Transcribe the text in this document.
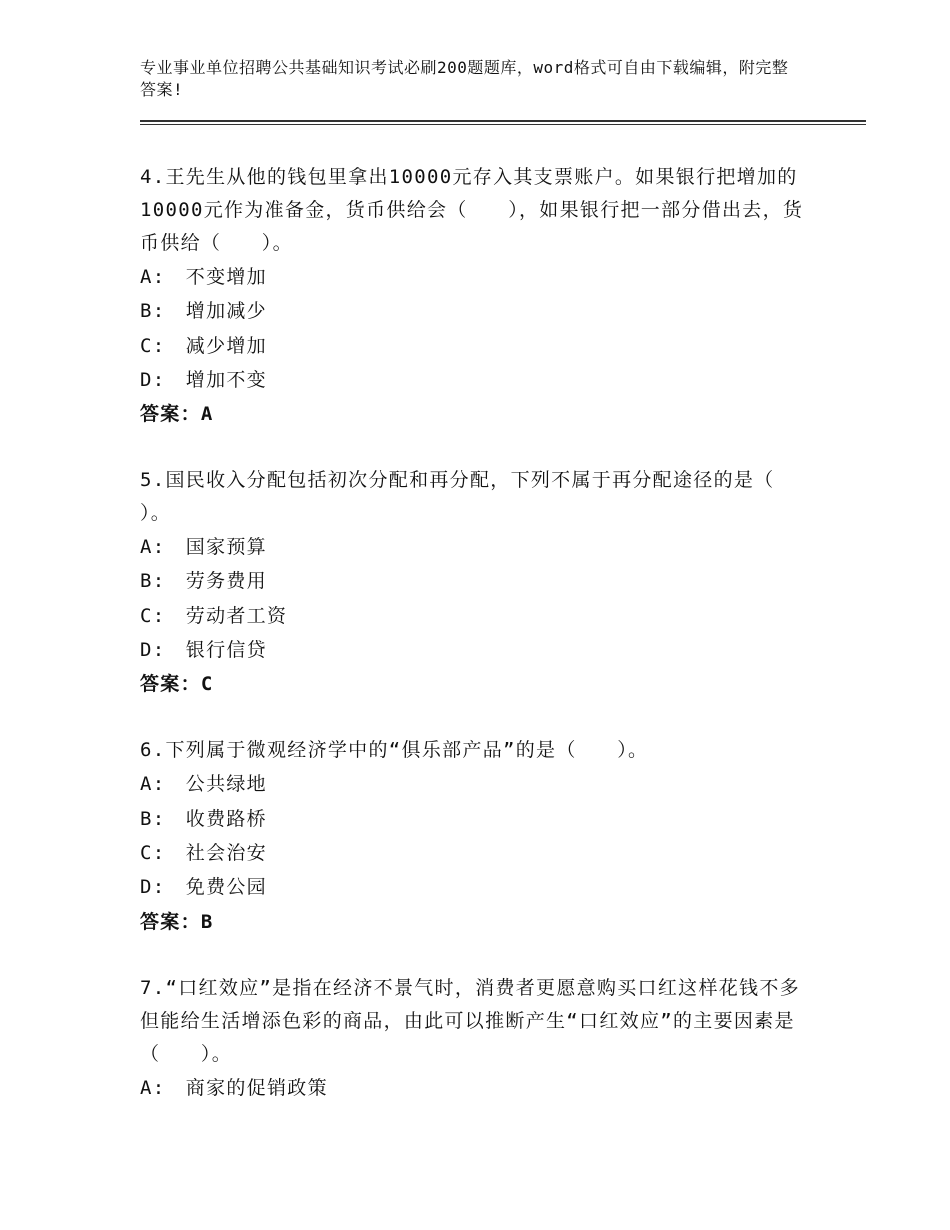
专业事业单位招聘公共基础知识考试必刷200题题库，word格式可自由下载编辑，附完整答案!

4.王先生从他的钱包里拿出10000元存入其支票账户。如果银行把增加的10000元作为准备金，货币供给会（　　），如果银行把一部分借出去，货币供给（　　）。

A:　不变增加

B:　增加减少

C:　减少增加

D:　增加不变

答案：A

5.国民收入分配包括初次分配和再分配，下列不属于再分配途径的是（　　）。

A:　国家预算

B:　劳务费用

C:　劳动者工资

D:　银行信贷

答案：C

6.下列属于微观经济学中的“俱乐部产品”的是（　　）。

A:　公共绿地

B:　收费路桥

C:　社会治安

D:　免费公园

答案：B

7.“口红效应”是指在经济不景气时，消费者更愿意购买口红这样花钱不多但能给生活增添色彩的商品，由此可以推断产生“口红效应”的主要因素是（　　）。

A:　商家的促销政策
